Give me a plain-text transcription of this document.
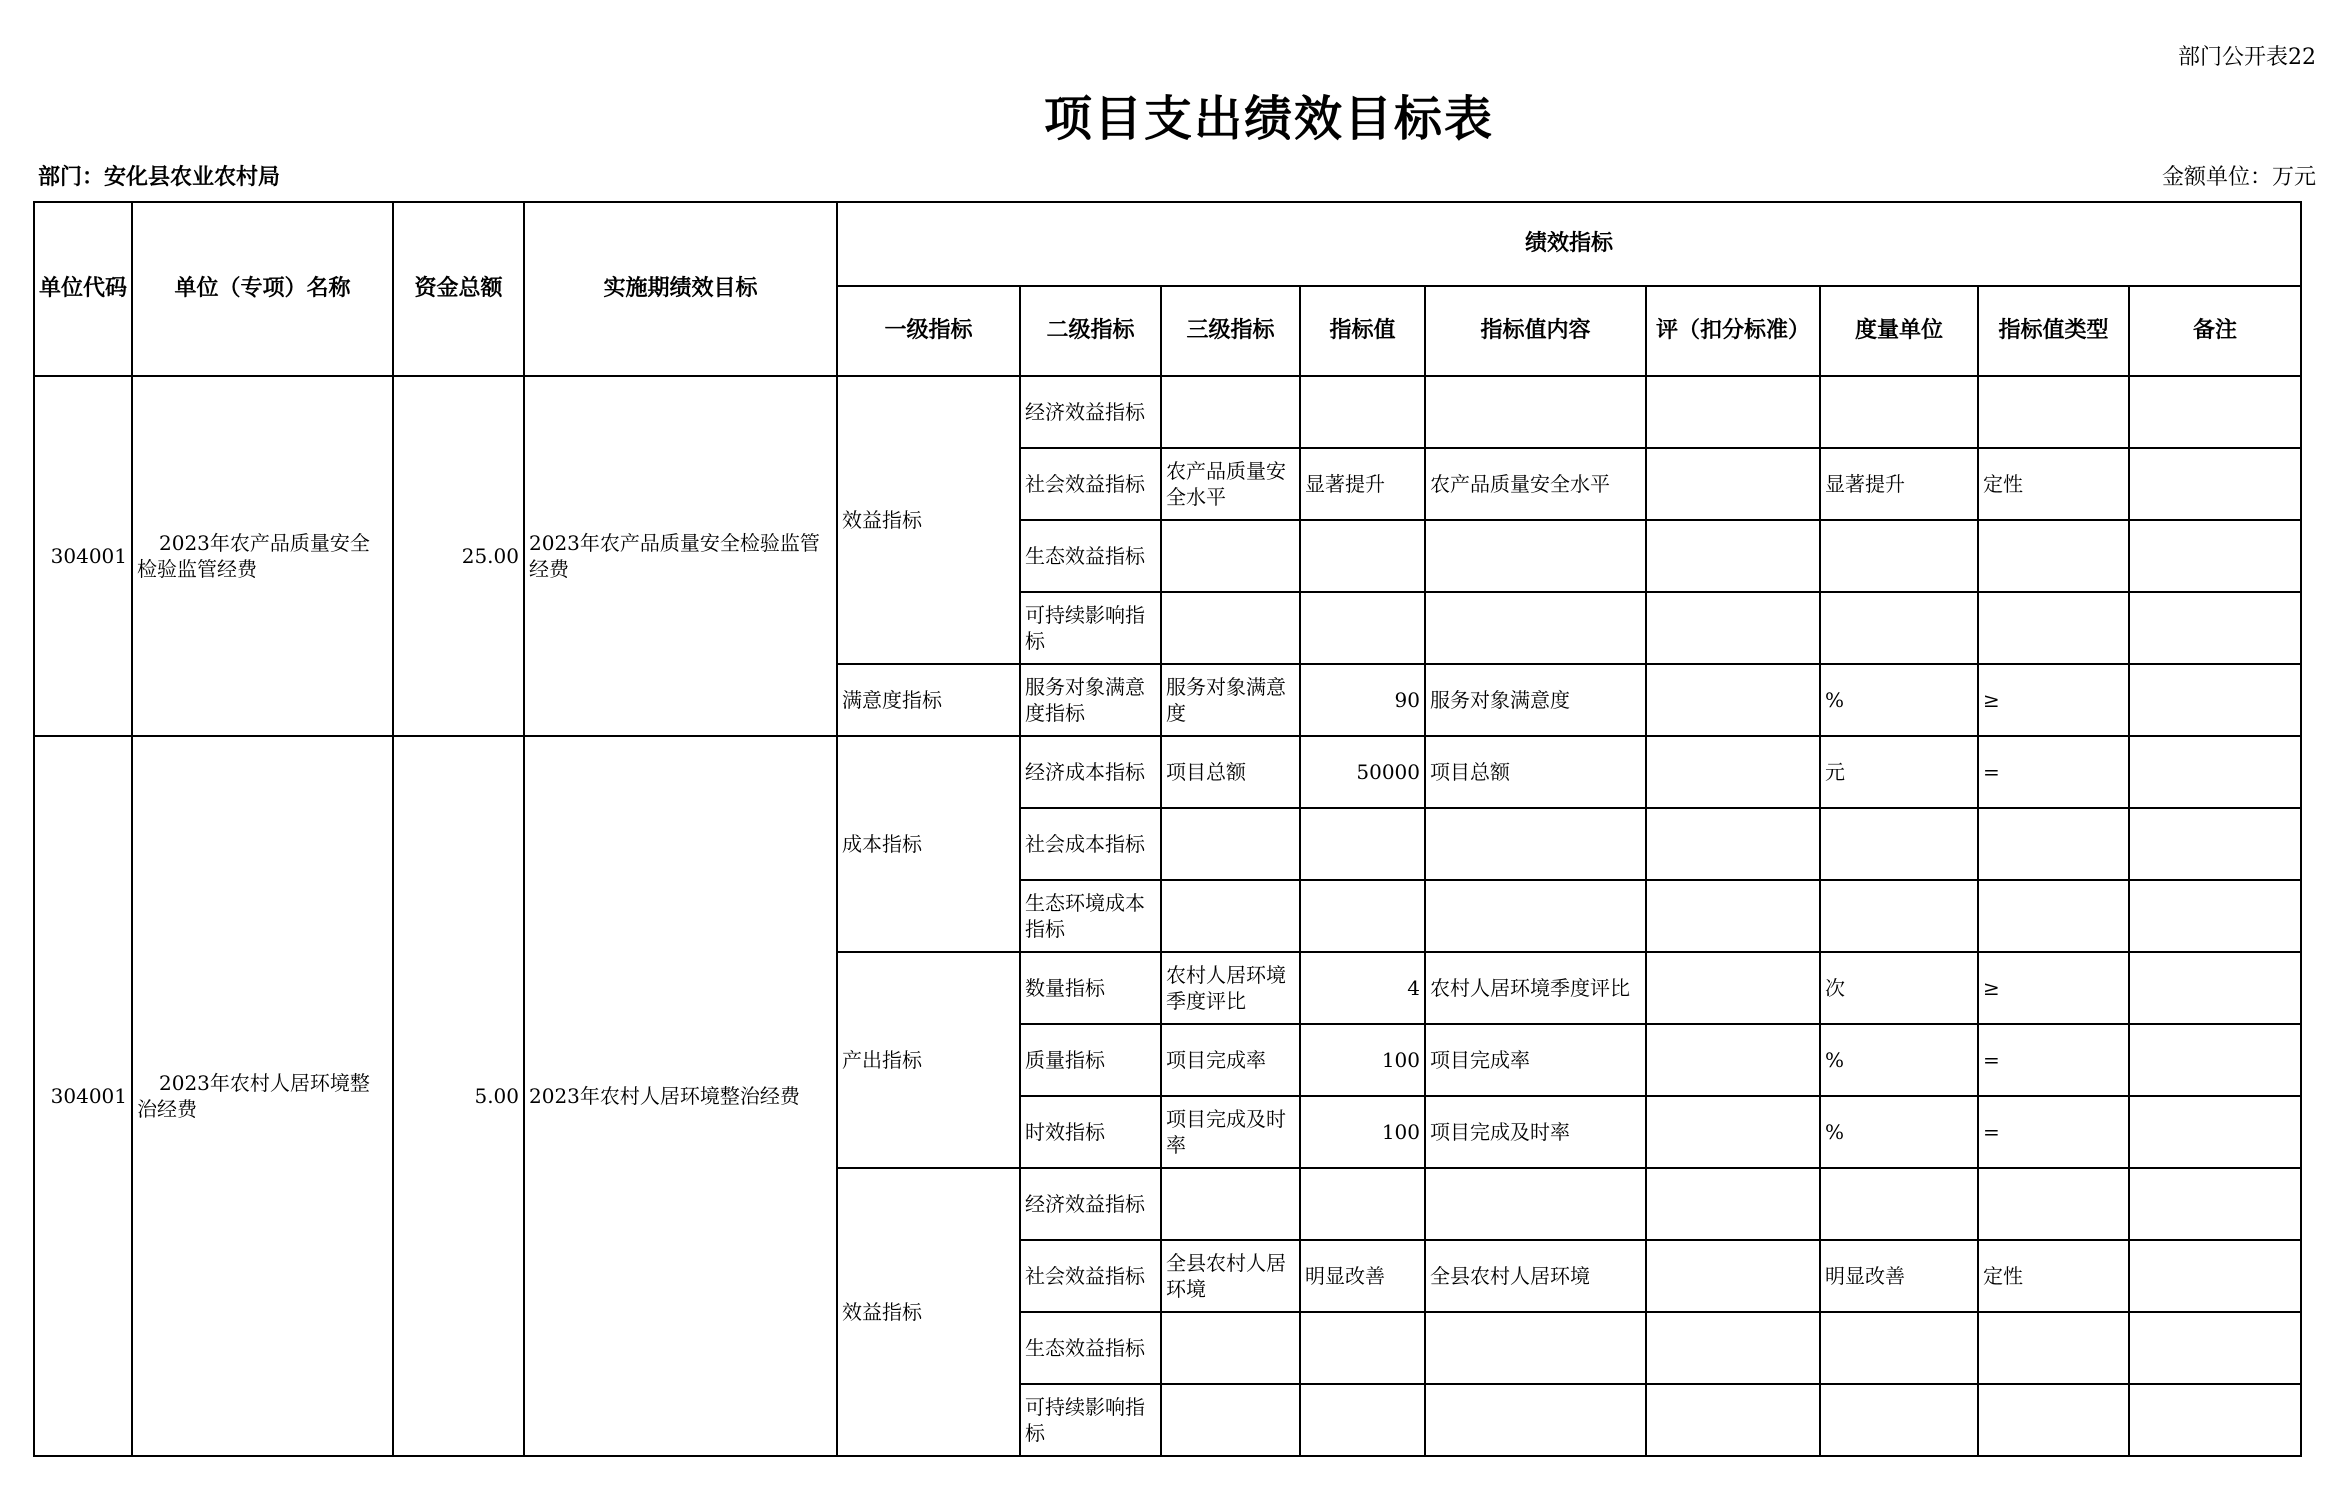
部门公开表22
项目支出绩效目标表
部门：安化县农业农村局	金额单位：万元
单位代码	单位（专项）名称	资金总额	实施期绩效目标	绩效指标								
				一级指标	二级指标	三级指标	指标值	指标值内容	评（扣分标准）	度量单位	指标值类型	备注
304001	2023年农产品质量安全检验监管经费	25.00	2023年农产品质量安全检验监管经费	效益指标	经济效益指标							
					社会效益指标	农产品质量安全水平	显著提升	农产品质量安全水平		显著提升	定性	
					生态效益指标							
					可持续影响指标							
				满意度指标	服务对象满意度指标	服务对象满意度	90	服务对象满意度		%	≥	
304001	2023年农村人居环境整治经费	5.00	2023年农村人居环境整治经费	成本指标	经济成本指标	项目总额	50000	项目总额		元	=	
					社会成本指标							
					生态环境成本指标							
				产出指标	数量指标	农村人居环境季度评比	4	农村人居环境季度评比		次	≥	
					质量指标	项目完成率	100	项目完成率		%	=	
					时效指标	项目完成及时率	100	项目完成及时率		%	=	
				效益指标	经济效益指标							
					社会效益指标	全县农村人居环境	明显改善	全县农村人居环境		明显改善	定性	
					生态效益指标							
					可持续影响指标							
